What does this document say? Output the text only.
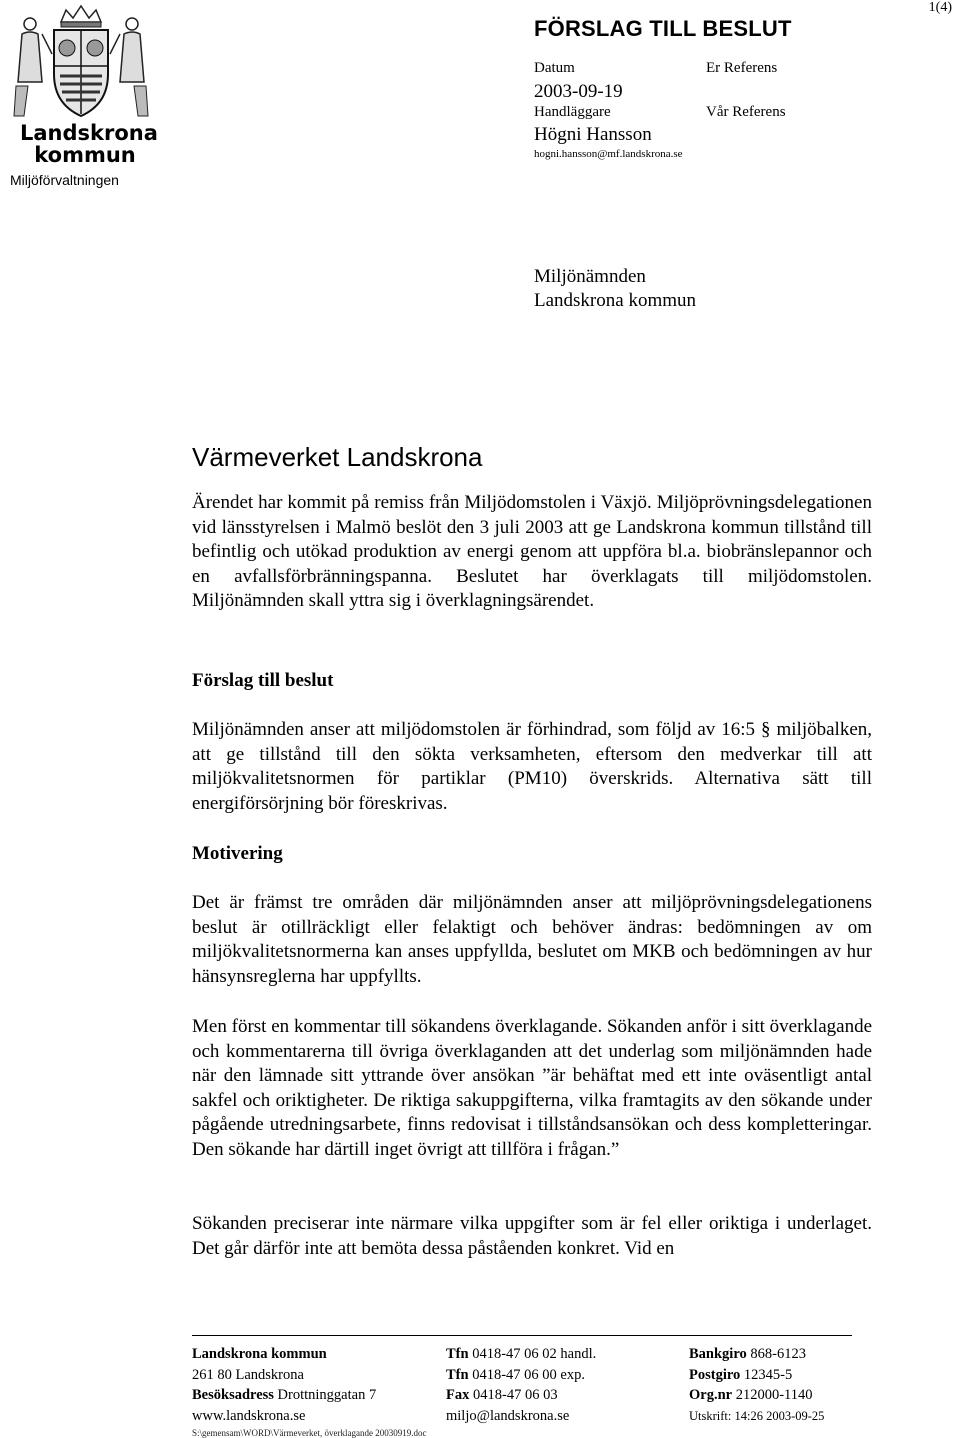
Landskrona
kommun
Miljöförvaltningen
1(4)
FÖRSLAG TILL BESLUT
Datum	Er Referens
2003-09-19
Handläggare	Vår Referens
Högni Hansson
hogni.hansson@mf.landskrona.se
Miljönämnden
Landskrona kommun
Värmeverket Landskrona
Ärendet har kommit på remiss från Miljödomstolen i Växjö. Miljöprövningsdelegationen vid länsstyrelsen i Malmö beslöt den 3 juli 2003 att ge Landskrona kommun tillstånd till befintlig och utökad produktion av energi genom att uppföra bl.a. biobränslepannor och en avfallsförbränningspanna. Beslutet har överklagats till miljödomstolen. Miljönämnden skall yttra sig i överklagningsärendet.
Förslag till beslut
Miljönämnden anser att miljödomstolen är förhindrad, som följd av 16:5 § miljöbalken, att ge tillstånd till den sökta verksamheten, eftersom den medverkar till att miljökvalitetsnormen för partiklar (PM10) överskrids. Alternativa sätt till energiförsörjning bör föreskrivas.
Motivering
Det är främst tre områden där miljönämnden anser att miljöprövningsdelegationens beslut är otillräckligt eller felaktigt och behöver ändras: bedömningen av om miljökvalitetsnormerna kan anses uppfyllda, beslutet om MKB och bedömningen av hur hänsynsreglerna har uppfyllts.
Men först en kommentar till sökandens överklagande. Sökanden anför i sitt överklagande och kommentarerna till övriga överklaganden att det underlag som miljönämnden hade när den lämnade sitt yttrande över ansökan ”är behäftat med ett inte oväsentligt antal sakfel och oriktigheter. De riktiga sakuppgifterna, vilka framtagits av den sökande under pågående utredningsarbete, finns redovisat i tillståndsansökan och dess kompletteringar. Den sökande har därtill inget övrigt att tillföra i frågan.”
Sökanden preciserar inte närmare vilka uppgifter som är fel eller oriktiga i underlaget. Det går därför inte att bemöta dessa påståenden konkret. Vid en
Landskrona kommun
261 80 Landskrona
Besöksadress Drottninggatan 7
www.landskrona.se
Tfn 0418-47 06 02 handl.
Tfn 0418-47 06 00 exp.
Fax 0418-47 06 03
miljo@landskrona.se
Bankgiro 868-6123
Postgiro 12345-5
Org.nr 212000-1140
Utskrift: 14:26 2003-09-25
S:\gemensam\WORD\Värmeverket, överklagande 20030919.doc
